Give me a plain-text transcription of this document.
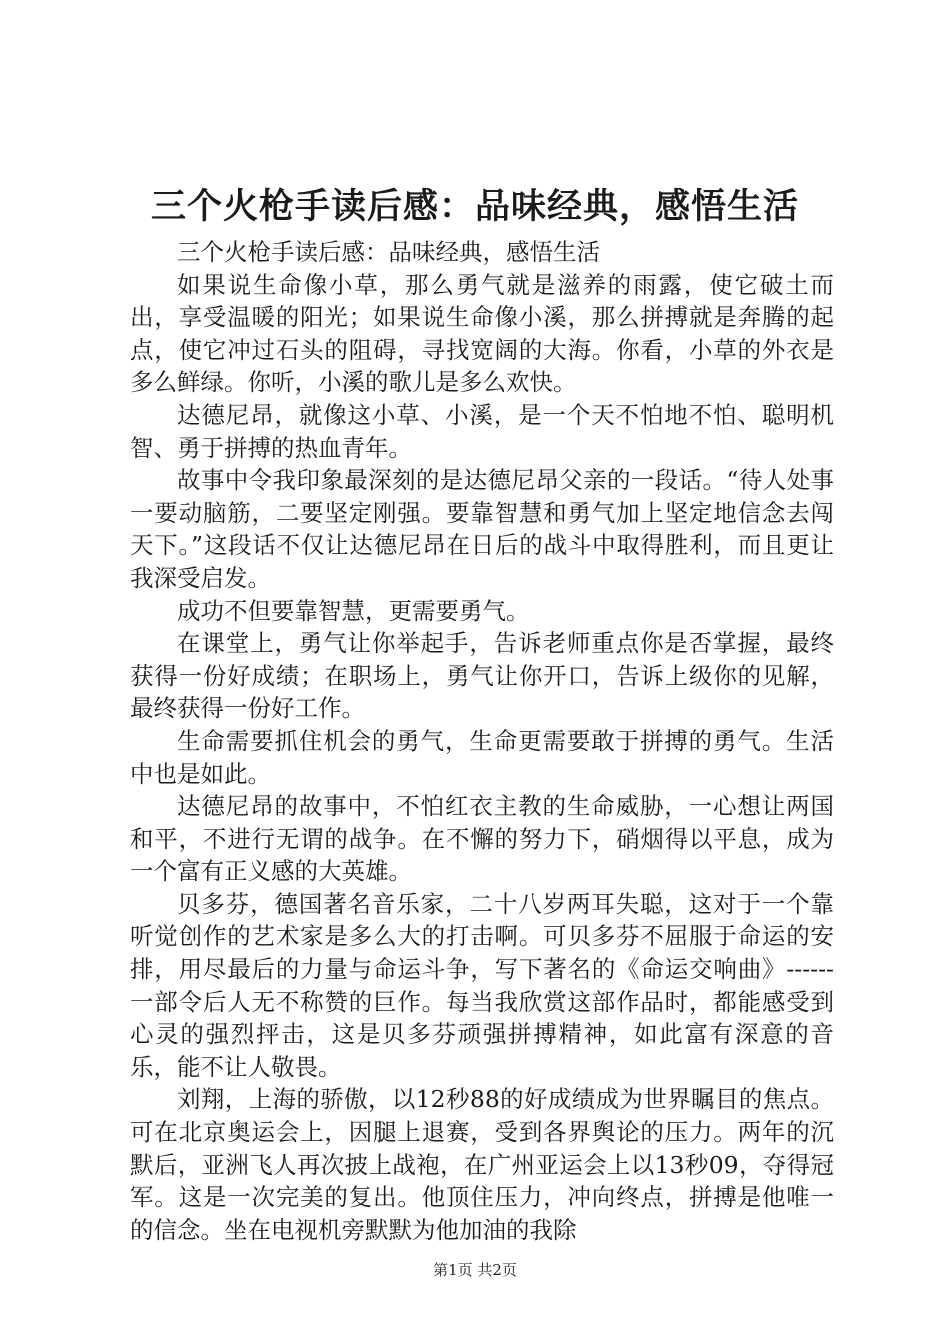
三个火枪手读后感：品味经典，感悟生活

三个火枪手读后感：品味经典，感悟生活

如果说生命像小草，那么勇气就是滋养的雨露，使它破土而出，享受温暖的阳光；如果说生命像小溪，那么拼搏就是奔腾的起点，使它冲过石头的阻碍，寻找宽阔的大海。你看，小草的外衣是多么鲜绿。你听，小溪的歌儿是多么欢快。

达德尼昂，就像这小草、小溪，是一个天不怕地不怕、聪明机智、勇于拼搏的热血青年。

故事中令我印象最深刻的是达德尼昂父亲的一段话。“待人处事一要动脑筋，二要坚定刚强。要靠智慧和勇气加上坚定地信念去闯天下。”这段话不仅让达德尼昂在日后的战斗中取得胜利，而且更让我深受启发。

成功不但要靠智慧，更需要勇气。

在课堂上，勇气让你举起手，告诉老师重点你是否掌握，最终获得一份好成绩；在职场上，勇气让你开口，告诉上级你的见解，最终获得一份好工作。

生命需要抓住机会的勇气，生命更需要敢于拼搏的勇气。生活中也是如此。

达德尼昂的故事中，不怕红衣主教的生命威胁，一心想让两国和平，不进行无谓的战争。在不懈的努力下，硝烟得以平息，成为一个富有正义感的大英雄。

贝多芬，德国著名音乐家，二十八岁两耳失聪，这对于一个靠听觉创作的艺术家是多么大的打击啊。可贝多芬不屈服于命运的安排，用尽最后的力量与命运斗争，写下著名的《命运交响曲》------一部令后人无不称赞的巨作。每当我欣赏这部作品时，都能感受到心灵的强烈抨击，这是贝多芬顽强拼搏精神，如此富有深意的音乐，能不让人敬畏。

刘翔，上海的骄傲，以12秒88的好成绩成为世界瞩目的焦点。可在北京奥运会上，因腿上退赛，受到各界舆论的压力。两年的沉默后，亚洲飞人再次披上战袍，在广州亚运会上以13秒09，夺得冠军。这是一次完美的复出。他顶住压力，冲向终点，拼搏是他唯一的信念。坐在电视机旁默默为他加油的我除

第1页 共2页
